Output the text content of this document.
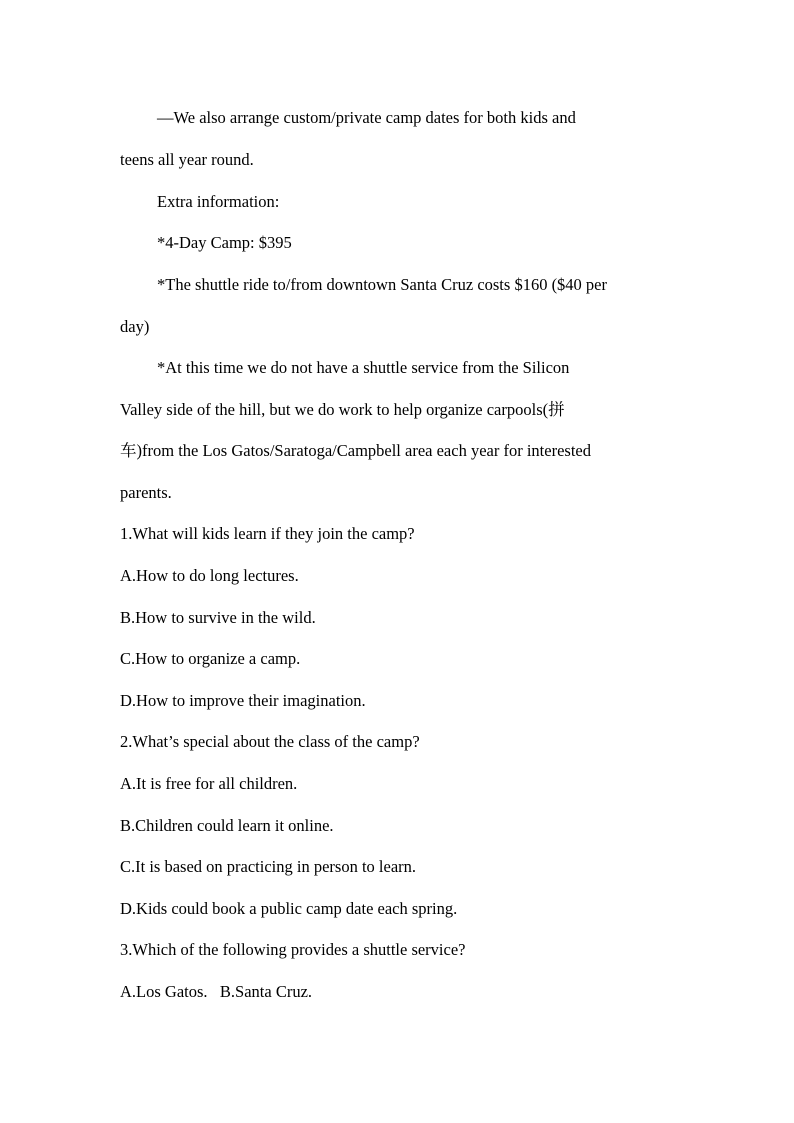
—We also arrange custom/private camp dates for both kids and
teens all year round.
Extra information:
*4-Day Camp: $395
*The shuttle ride to/from downtown Santa Cruz costs $160 ($40 per
day)
*At this time we do not have a shuttle service from the Silicon
Valley side of the hill, but we do work to help organize carpools(拼
车)from the Los Gatos/Saratoga/Campbell area each year for interested
parents.
1.What will kids learn if they join the camp?
A.How to do long lectures.
B.How to survive in the wild.
C.How to organize a camp.
D.How to improve their imagination.
2.What’s special about the class of the camp?
A.It is free for all children.
B.Children could learn it online.
C.It is based on practicing in person to learn.
D.Kids could book a public camp date each spring.
3.Which of the following provides a shuttle service?
A.Los Gatos.   B.Santa Cruz.
